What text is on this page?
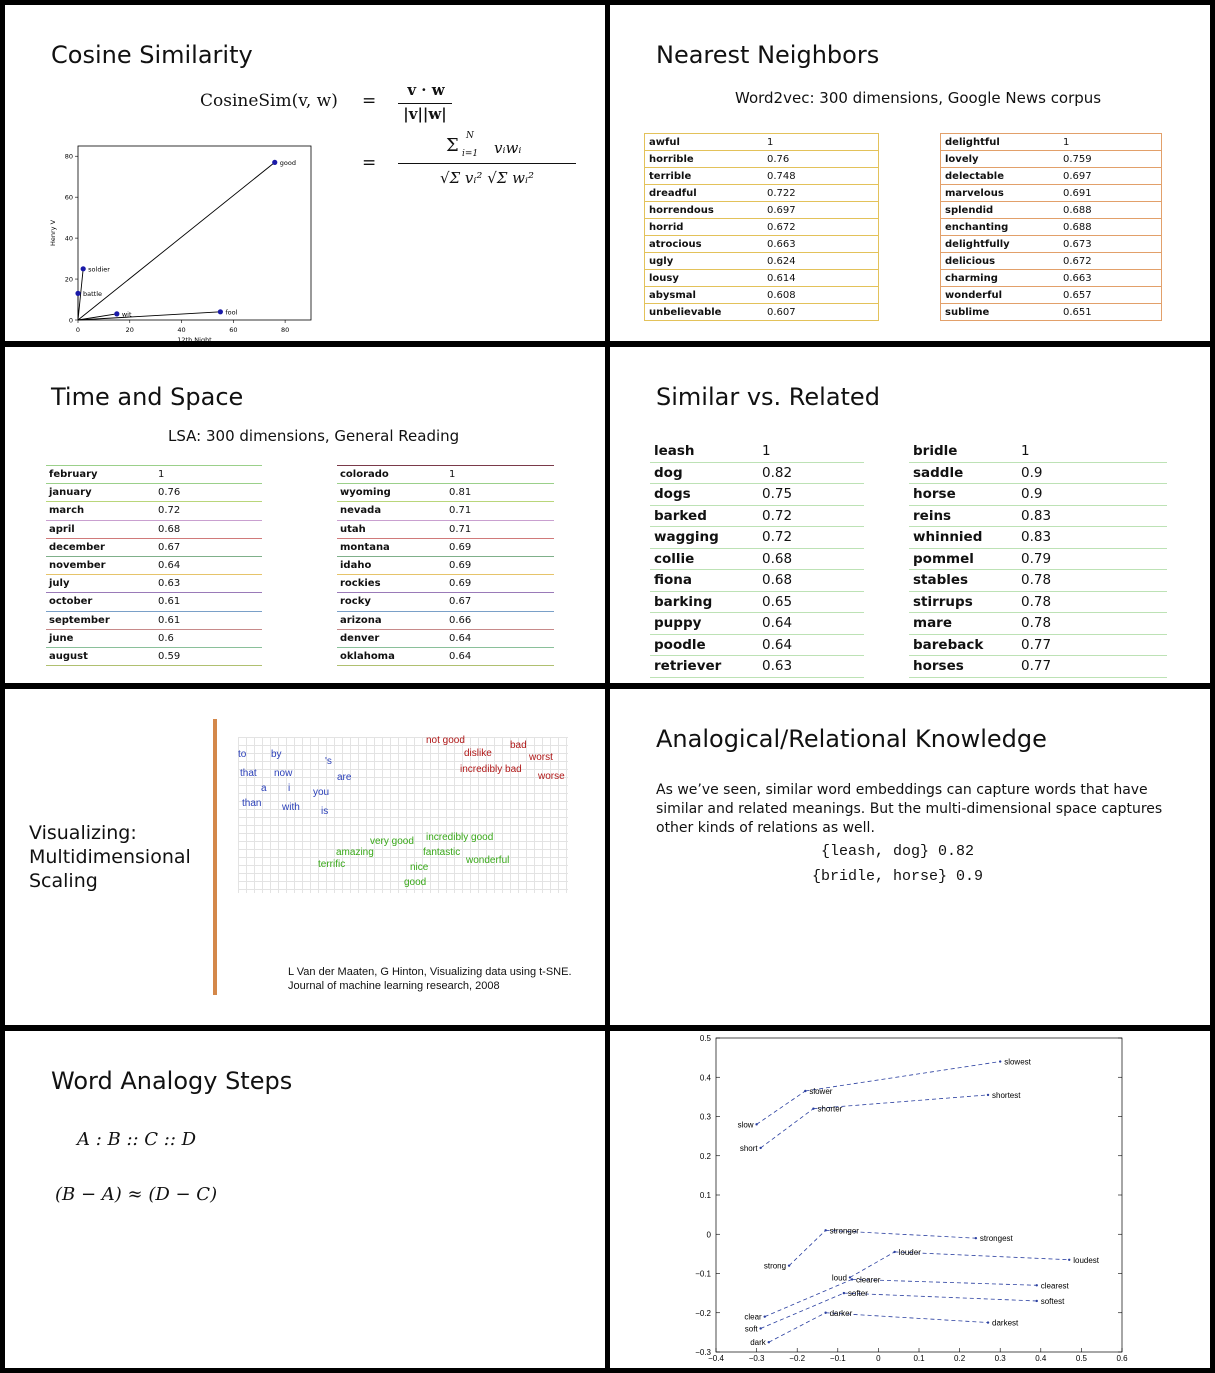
Cosine Similarity
CosineSim(v, w) =
v · w
|v||w|
=
Σ N
i=1 vᵢwᵢ
√Σ vᵢ² √Σ wᵢ²
0
0
20
20
40
40
60
60
80
80
12th Night
Henry V
good
soldier
battle
wit	fool
Nearest Neighbors
Word2vec: 300 dimensions, Google News corpus
awful	1
horrible	0.76
terrible	0.748
dreadful	0.722
horrendous	0.697
horrid	0.672
atrocious	0.663
ugly	0.624
lousy	0.614
abysmal	0.608
unbelievable	0.607
delightful	1
lovely	0.759
delectable	0.697
marvelous	0.691
splendid	0.688
enchanting	0.688
delightfully	0.673
delicious	0.672
charming	0.663
wonderful	0.657
sublime	0.651
Time and Space
LSA: 300 dimensions, General Reading
february	1
january	0.76
march	0.72
april	0.68
december	0.67
november	0.64
july	0.63
october	0.61
september	0.61
june	0.6
august	0.59
colorado	1
wyoming	0.81
nevada	0.71
utah	0.71
montana	0.69
idaho	0.69
rockies	0.69
rocky	0.67
arizona	0.66
denver	0.64
oklahoma	0.64
Similar vs. Related
leash	1
dog	0.82
dogs	0.75
barked	0.72
wagging	0.72
collie	0.68
fiona	0.68
barking	0.65
puppy	0.64
poodle	0.64
retriever	0.63
bridle	1
saddle	0.9
horse	0.9
reins	0.83
whinnied	0.83
pommel	0.79
stables	0.78
stirrups	0.78
mare	0.78
bareback	0.77
horses	0.77
Visualizing:
Multidimensional
Scaling
to by
's
that now	are
a i you
than with is
not good	bad
dislike	worst
incredibly bad
worse
very good incredibly good
amazing	fantastic
terrific	wonderful
nice
good
L Van der Maaten, G Hinton, Visualizing data using t-SNE.
Journal of machine learning research, 2008
Analogical/Relational Knowledge
As we’ve seen, similar word embeddings can capture words that have similar and related meanings. But the multi-dimensional space captures other kinds of relations as well.
{leash, dog} 0.82
{bridle, horse} 0.9
Word Analogy Steps
A : B :: C :: D
(B − A) ≈ (D − C)
0.5
0.4
0.3
0.2
0.1
0
−0.1
−0.2
−0.3
−0.4	−0.3	−0.2	−0.1	0	0.1	0.2	0.3	0.4	0.5	0.6
slow
slower
slowest
short
shorter
shortest
strong
stronger
strongest
loud
louder
loudest
clear
clearer
clearest
soft
softer
softest
dark
darker
darkest
